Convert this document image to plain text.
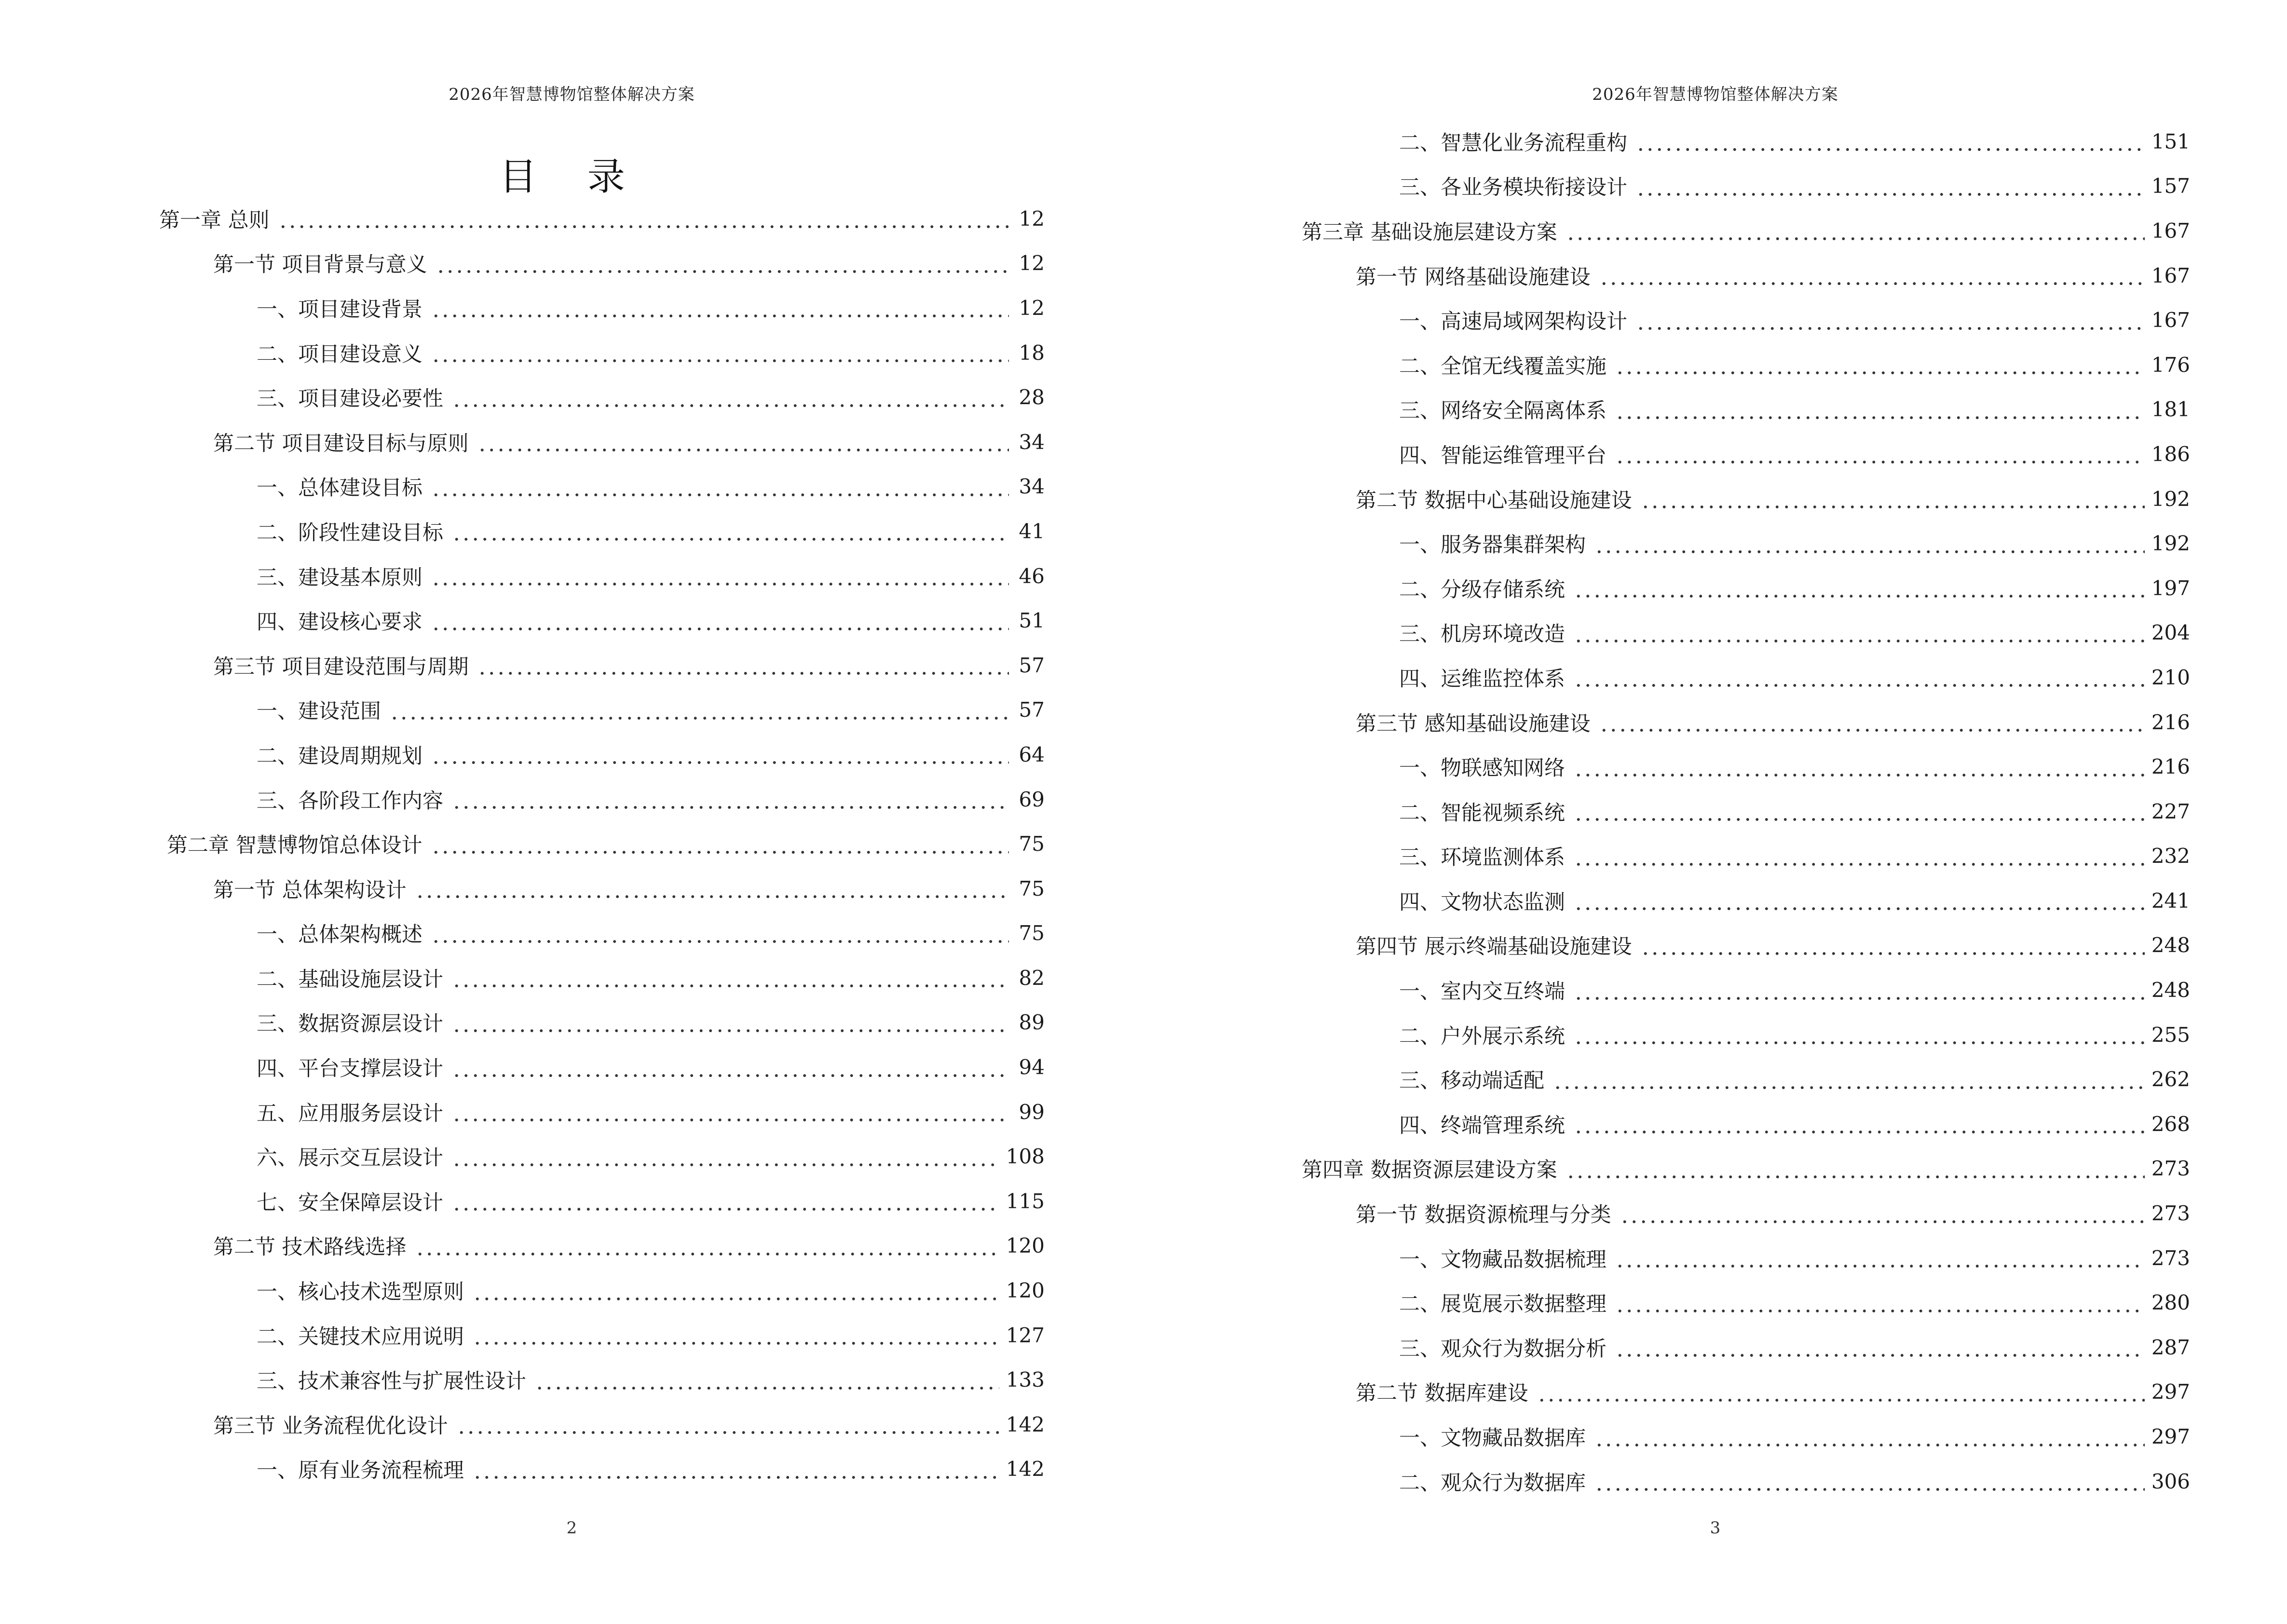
2026年智慧博物馆整体解决方案
目 录
第一章 总则	12
第一节 项目背景与意义	12
一、项目建设背景	12
二、项目建设意义	18
三、项目建设必要性	28
第二节 项目建设目标与原则	34
一、总体建设目标	34
二、阶段性建设目标	41
三、建设基本原则	46
四、建设核心要求	51
第三节 项目建设范围与周期	57
一、建设范围	57
二、建设周期规划	64
三、各阶段工作内容	69
第二章 智慧博物馆总体设计	75
第一节 总体架构设计	75
一、总体架构概述	75
二、基础设施层设计	82
三、数据资源层设计	89
四、平台支撑层设计	94
五、应用服务层设计	99
六、展示交互层设计	108
七、安全保障层设计	115
第二节 技术路线选择	120
一、核心技术选型原则	120
二、关键技术应用说明	127
三、技术兼容性与扩展性设计	133
第三节 业务流程优化设计	142
一、原有业务流程梳理	142
2
2026年智慧博物馆整体解决方案
二、智慧化业务流程重构	151
三、各业务模块衔接设计	157
第三章 基础设施层建设方案	167
第一节 网络基础设施建设	167
一、高速局域网架构设计	167
二、全馆无线覆盖实施	176
三、网络安全隔离体系	181
四、智能运维管理平台	186
第二节 数据中心基础设施建设	192
一、服务器集群架构	192
二、分级存储系统	197
三、机房环境改造	204
四、运维监控体系	210
第三节 感知基础设施建设	216
一、物联感知网络	216
二、智能视频系统	227
三、环境监测体系	232
四、文物状态监测	241
第四节 展示终端基础设施建设	248
一、室内交互终端	248
二、户外展示系统	255
三、移动端适配	262
四、终端管理系统	268
第四章 数据资源层建设方案	273
第一节 数据资源梳理与分类	273
一、文物藏品数据梳理	273
二、展览展示数据整理	280
三、观众行为数据分析	287
第二节 数据库建设	297
一、文物藏品数据库	297
二、观众行为数据库	306
3
